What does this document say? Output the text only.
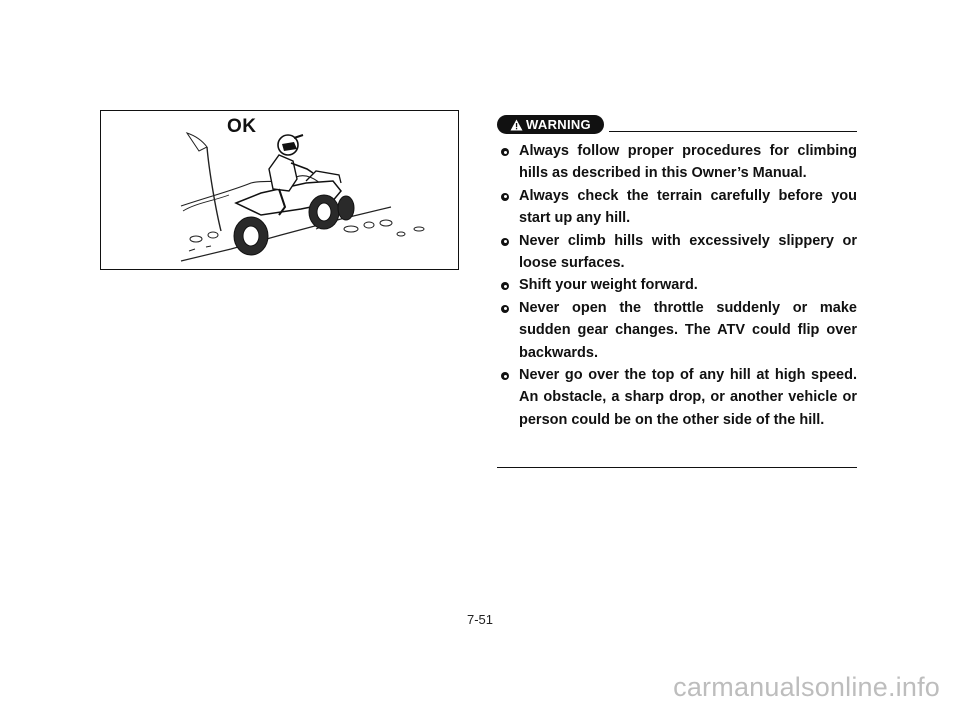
OK	WARNING
Always follow proper procedures for climbing hills as described in this Owner’s Manual.
Always check the terrain carefully before you start up any hill.
Never climb hills with excessively slippery or loose surfaces.
Shift your weight forward.
Never open the throttle suddenly or make sudden gear changes. The ATV could flip over backwards.
Never go over the top of any hill at high speed. An obstacle, a sharp drop, or another vehicle or person could be on the other side of the hill.
7-51
carmanualsonline.info
